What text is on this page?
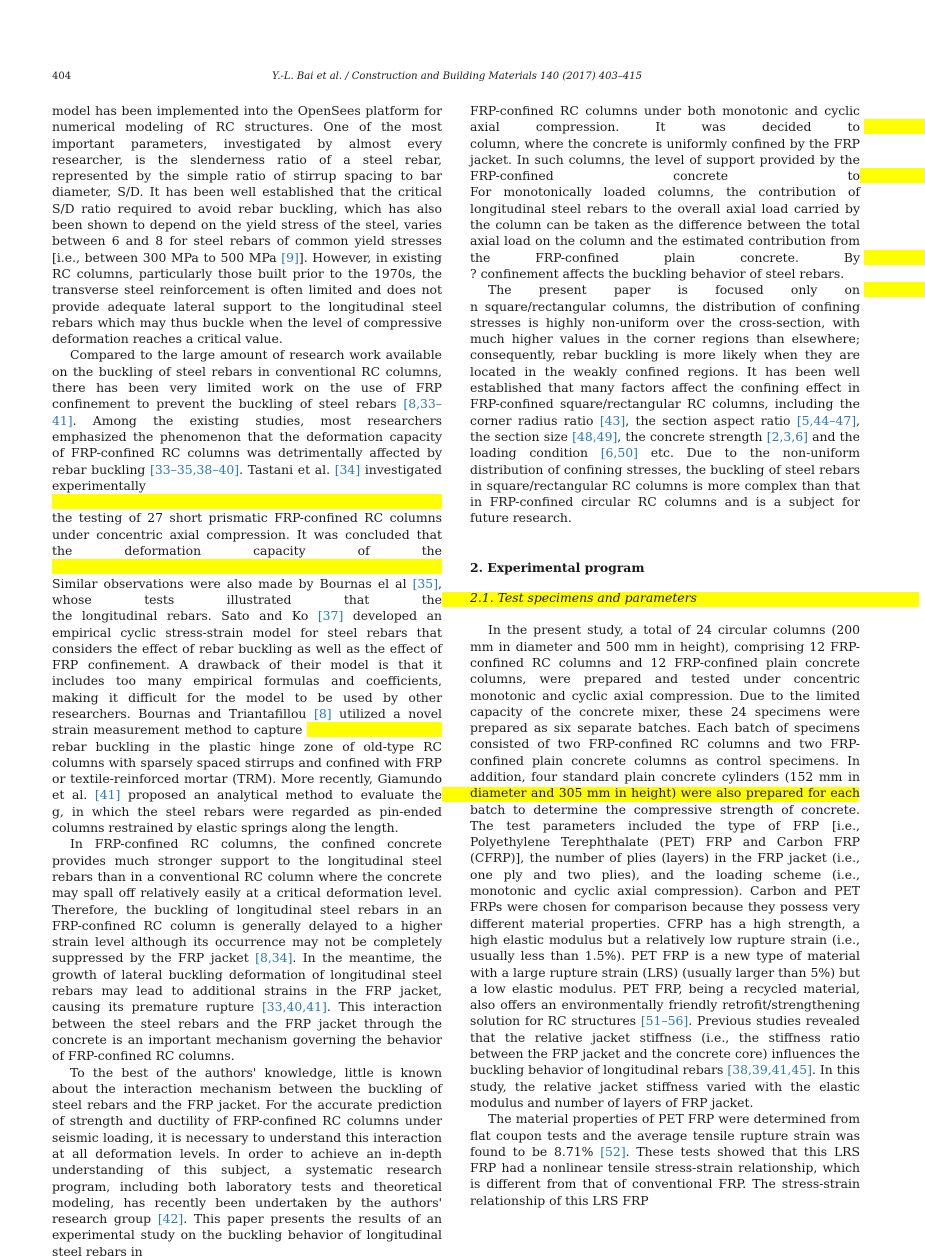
404	Y.-L. Bai et al. / Construction and Building Materials 140 (2017) 403–415

model has been implemented into the OpenSees platform for numerical modeling of RC structures. One of the most important parameters, investigated by almost every researcher, is the slenderness ratio of a steel rebar, represented by the simple ratio of stirrup spacing to bar diameter, S/D. It has been well established that the critical S/D ratio required to avoid rebar buckling, which has also been shown to depend on the yield stress of the steel, varies between 6 and 8 for steel rebars of common yield stresses [i.e., between 300 MPa to 500 MPa [9]]. However, in existing RC columns, particularly those built prior to the 1970s, the transverse steel reinforcement is often limited and does not provide adequate lateral support to the longitudinal steel rebars which may thus buckle when the level of compressive deformation reaches a critical value.

Compared to the large amount of research work available on the buckling of steel rebars in conventional RC columns, there has been very limited work on the use of FRP confinement to prevent the buckling of steel rebars [8,33–41]. Among the existing studies, most researchers emphasized the phenomenon that the deformation capacity of FRP-confined RC columns was detrimentally affected by rebar buckling [33–35,38–40]. Tastani et al. [34] investigated experimentally                                                                                                 the testing of 27 short prismatic FRP-confined RC columns under concentric axial compression. It was concluded that the deformation capacity of the                                                                                                Similar observations were also made by Bournas el al [35], whose tests illustrated that the                                                                                                                          the longitudinal rebars. Sato and Ko [37] developed an empirical cyclic stress-strain model for steel rebars that considers the effect of rebar buckling as well as the effect of FRP confinement. A drawback of their model is that it includes too many empirical formulas and coefficients, making it difficult for the model to be used by other researchers. Bournas and Triantafillou [8] utilized a novel strain measurement method to capture                              rebar buckling in the plastic hinge zone of old-type RC columns with sparsely spaced stirrups and confined with FRP or textile-reinforced mortar (TRM). More recently, Giamundo et al. [41] proposed an analytical method to evaluate the                                                                                                          g, in which the steel rebars were regarded as pin-ended columns restrained by elastic springs along the length.

In FRP-confined RC columns, the confined concrete provides much stronger support to the longitudinal steel rebars than in a conventional RC column where the concrete may spall off relatively easily at a critical deformation level. Therefore, the buckling of longitudinal steel rebars in an FRP-confined RC column is generally delayed to a higher strain level although its occurrence may not be completely suppressed by the FRP jacket [8,34]. In the meantime, the growth of lateral buckling deformation of longitudinal steel rebars may lead to additional strains in the FRP jacket, causing its premature rupture [33,40,41]. This interaction between the steel rebars and the FRP jacket through the concrete is an important mechanism governing the behavior of FRP-confined RC columns.

To the best of the authors' knowledge, little is known about the interaction mechanism between the buckling of steel rebars and the FRP jacket. For the accurate prediction of strength and ductility of FRP-confined RC columns under seismic loading, it is necessary to understand this interaction at all deformation levels. In order to achieve an in-depth understanding of this subject, a systematic research program, including both laboratory tests and theoretical modeling, has recently been undertaken by the authors' research group [42]. This paper presents the results of an experimental study on the buckling behavior of longitudinal steel rebars in

FRP-confined RC columns under both monotonic and cyclic axial compression. It was decided to                                                                                                                                                                 column, where the concrete is uniformly confined by the FRP jacket. In such columns, the level of support provided by the FRP-confined concrete to                                                                                                                                                                    For monotonically loaded columns, the contribution of longitudinal steel rebars to the overall axial load carried by the column can be taken as the difference between the total axial load on the column and the estimated contribution from the FRP-confined plain concrete. By                                                                                                                                        ? confinement affects the buckling behavior of steel rebars.

The present paper is focused only on                                                                                                n square/rectangular columns, the distribution of confining stresses is highly non-uniform over the cross-section, with much higher values in the corner regions than elsewhere; consequently, rebar buckling is more likely when they are located in the weakly confined regions. It has been well established that many factors affect the confining effect in FRP-confined square/rectangular RC columns, including the corner radius ratio [43], the section aspect ratio [5,44–47], the section size [48,49], the concrete strength [2,3,6] and the loading condition [6,50] etc. Due to the non-uniform distribution of confining stresses, the buckling of steel rebars in square/rectangular RC columns is more complex than that in FRP-confined circular RC columns and is a subject for future research.

2. Experimental program

2.1. Test specimens and parameters

In the present study, a total of 24 circular columns (200 mm in diameter and 500 mm in height), comprising 12 FRP-confined RC columns and 12 FRP-confined plain concrete columns, were prepared and tested under concentric monotonic and cyclic axial compression. Due to the limited capacity of the concrete mixer, these 24 specimens were prepared as six separate batches. Each batch of specimens consisted of two FRP-confined RC columns and two FRP-confined plain concrete columns as control specimens. In addition, four standard plain concrete cylinders (152 mm in diameter and 305 mm in height) were also prepared for each batch to determine the compressive strength of concrete. The test parameters included the type of FRP [i.e., Polyethylene Terephthalate (PET) FRP and Carbon FRP (CFRP)], the number of plies (layers) in the FRP jacket (i.e., one ply and two plies), and the loading scheme (i.e., monotonic and cyclic axial compression). Carbon and PET FRPs were chosen for comparison because they possess very different material properties. CFRP has a high strength, a high elastic modulus but a relatively low rupture strain (i.e., usually less than 1.5%). PET FRP is a new type of material with a large rupture strain (LRS) (usually larger than 5%) but a low elastic modulus. PET FRP, being a recycled material, also offers an environmentally friendly retrofit/strengthening solution for RC structures [51–56]. Previous studies revealed that the relative jacket stiffness (i.e., the stiffness ratio between the FRP jacket and the concrete core) influences the buckling behavior of longitudinal rebars [38,39,41,45]. In this study, the relative jacket stiffness varied with the elastic modulus and number of layers of FRP jacket.

The material properties of PET FRP were determined from flat coupon tests and the average tensile rupture strain was found to be 8.71% [52]. These tests showed that this LRS FRP had a nonlinear tensile stress-strain relationship, which is different from that of conventional FRP. The stress-strain relationship of this LRS FRP
